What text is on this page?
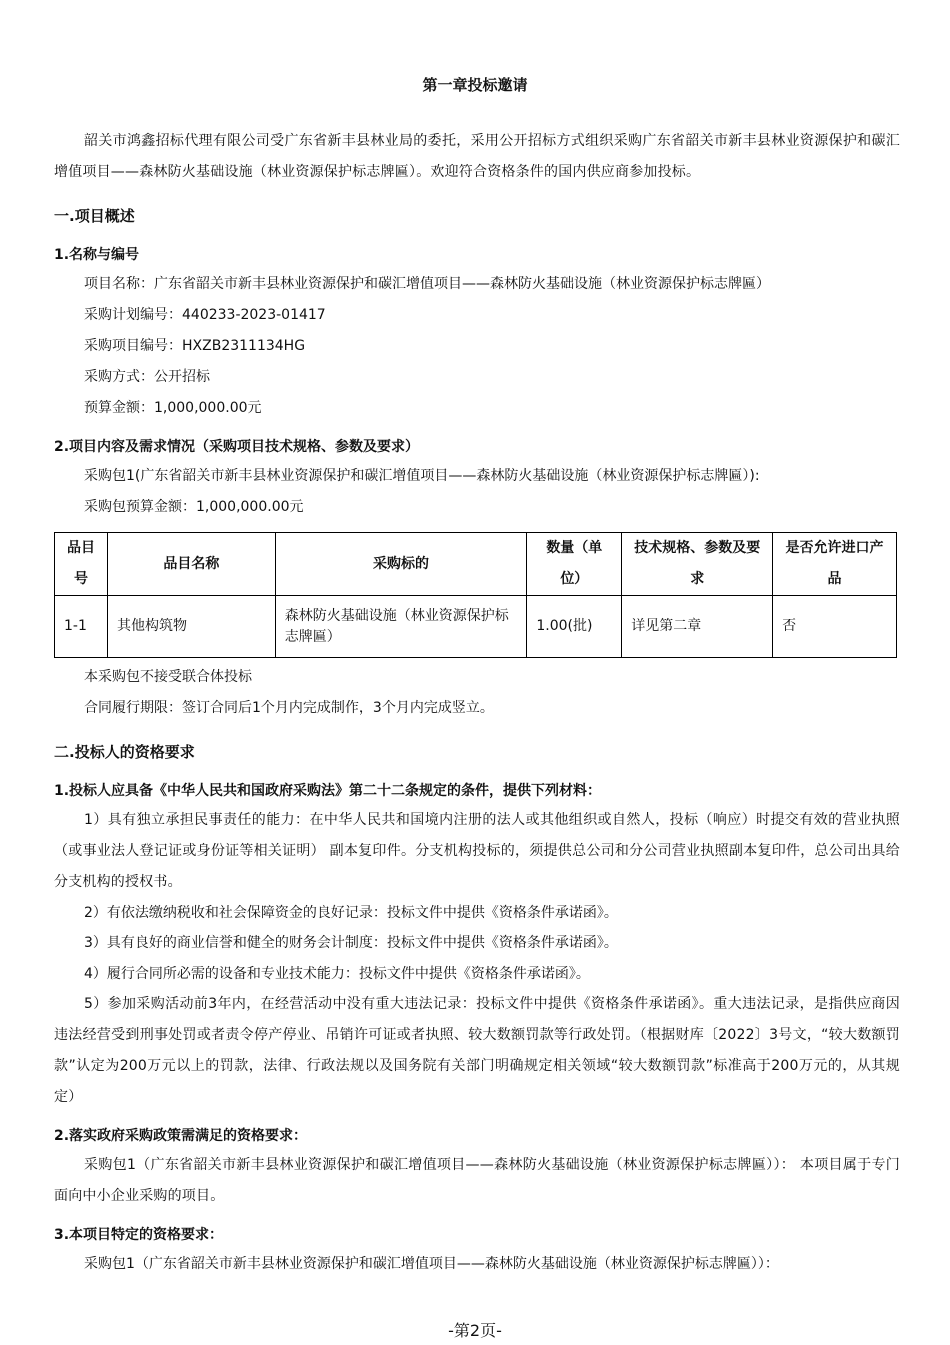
第一章投标邀请
韶关市鸿鑫招标代理有限公司受广东省新丰县林业局的委托，采用公开招标方式组织采购广东省韶关市新丰县林业资源保护和碳汇增值项目——森林防火基础设施（林业资源保护标志牌匾）。欢迎符合资格条件的国内供应商参加投标。
一.项目概述
1.名称与编号
项目名称：广东省韶关市新丰县林业资源保护和碳汇增值项目——森林防火基础设施（林业资源保护标志牌匾）
采购计划编号：440233-2023-01417
采购项目编号：HXZB2311134HG
采购方式：公开招标
预算金额：1,000,000.00元
2.项目内容及需求情况（采购项目技术规格、参数及要求）
采购包1(广东省韶关市新丰县林业资源保护和碳汇增值项目——森林防火基础设施（林业资源保护标志牌匾）):
采购包预算金额：1,000,000.00元
品目号	品目名称	采购标的	数量（单位）	技术规格、参数及要求	是否允许进口产品
1-1	其他构筑物	森林防火基础设施（林业资源保护标志牌匾）	1.00(批)	详见第二章	否
本采购包不接受联合体投标
合同履行期限：签订合同后1个月内完成制作，3个月内完成竖立。
二.投标人的资格要求
1.投标人应具备《中华人民共和国政府采购法》第二十二条规定的条件，提供下列材料：
1）具有独立承担民事责任的能力：在中华人民共和国境内注册的法人或其他组织或自然人，投标（响应）时提交有效的营业执照（或事业法人登记证或身份证等相关证明） 副本复印件。分支机构投标的，须提供总公司和分公司营业执照副本复印件，总公司出具给分支机构的授权书。
2）有依法缴纳税收和社会保障资金的良好记录：投标文件中提供《资格条件承诺函》。
3）具有良好的商业信誉和健全的财务会计制度：投标文件中提供《资格条件承诺函》。
4）履行合同所必需的设备和专业技术能力：投标文件中提供《资格条件承诺函》。
5）参加采购活动前3年内，在经营活动中没有重大违法记录：投标文件中提供《资格条件承诺函》。重大违法记录，是指供应商因违法经营受到刑事处罚或者责令停产停业、吊销许可证或者执照、较大数额罚款等行政处罚。（根据财库〔2022〕3号文，“较大数额罚款”认定为200万元以上的罚款，法律、行政法规以及国务院有关部门明确规定相关领域“较大数额罚款”标准高于200万元的，从其规定）
2.落实政府采购政策需满足的资格要求：
采购包1（广东省韶关市新丰县林业资源保护和碳汇增值项目——森林防火基础设施（林业资源保护标志牌匾））： 本项目属于专门面向中小企业采购的项目。
3.本项目特定的资格要求：
采购包1（广东省韶关市新丰县林业资源保护和碳汇增值项目——森林防火基础设施（林业资源保护标志牌匾））：
-第2页-
